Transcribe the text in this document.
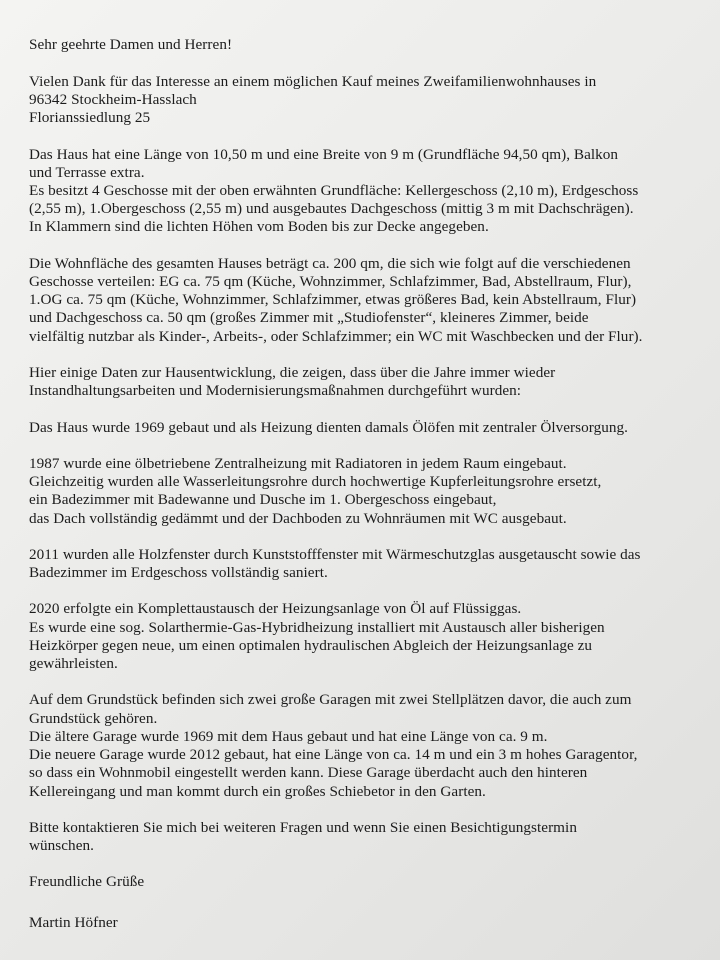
Sehr geehrte Damen und Herren!
Vielen Dank für das Interesse an einem möglichen Kauf meines Zweifamilienwohnhauses in
96342 Stockheim-Hasslach
Florianssiedlung 25
Das Haus hat eine Länge von 10,50 m und eine Breite von 9 m (Grundfläche 94,50 qm), Balkon
und Terrasse extra.
Es besitzt 4 Geschosse mit der oben erwähnten Grundfläche: Kellergeschoss (2,10 m), Erdgeschoss
(2,55 m), 1.Obergeschoss (2,55 m) und ausgebautes Dachgeschoss (mittig 3 m mit Dachschrägen).
In Klammern sind die lichten Höhen vom Boden bis zur Decke angegeben.
Die Wohnfläche des gesamten Hauses beträgt ca. 200 qm, die sich wie folgt auf die verschiedenen
Geschosse verteilen: EG ca. 75 qm (Küche, Wohnzimmer, Schlafzimmer, Bad, Abstellraum, Flur),
1.OG ca. 75 qm (Küche, Wohnzimmer, Schlafzimmer, etwas größeres Bad, kein Abstellraum, Flur)
und Dachgeschoss ca. 50 qm (großes Zimmer mit „Studiofenster“, kleineres Zimmer, beide
vielfältig nutzbar als Kinder-, Arbeits-, oder Schlafzimmer; ein WC mit Waschbecken und der Flur).
Hier einige Daten zur Hausentwicklung, die zeigen, dass über die Jahre immer wieder
Instandhaltungsarbeiten und Modernisierungsmaßnahmen durchgeführt wurden:
Das Haus wurde 1969 gebaut und als Heizung dienten damals Ölöfen mit zentraler Ölversorgung.
1987 wurde eine ölbetriebene Zentralheizung mit Radiatoren in jedem Raum eingebaut.
Gleichzeitig wurden alle Wasserleitungsrohre durch hochwertige Kupferleitungsrohre ersetzt,
ein Badezimmer mit Badewanne und Dusche im 1. Obergeschoss eingebaut,
das Dach vollständig gedämmt und der Dachboden zu Wohnräumen mit WC ausgebaut.
2011 wurden alle Holzfenster durch Kunststofffenster mit Wärmeschutzglas ausgetauscht sowie das
Badezimmer im Erdgeschoss vollständig saniert.
2020 erfolgte ein Komplettaustausch der Heizungsanlage von Öl auf Flüssiggas.
Es wurde eine sog. Solarthermie-Gas-Hybridheizung installiert mit Austausch aller bisherigen
Heizkörper gegen neue, um einen optimalen hydraulischen Abgleich der Heizungsanlage zu
gewährleisten.
Auf dem Grundstück befinden sich zwei große Garagen mit zwei Stellplätzen davor, die auch zum
Grundstück gehören.
Die ältere Garage wurde 1969 mit dem Haus gebaut und hat eine Länge von ca. 9 m.
Die neuere Garage wurde 2012 gebaut, hat eine Länge von ca. 14 m und ein 3 m hohes Garagentor,
so dass ein Wohnmobil eingestellt werden kann. Diese Garage überdacht auch den hinteren
Kellereingang und man kommt durch ein großes Schiebetor in den Garten.
Bitte kontaktieren Sie mich bei weiteren Fragen und wenn Sie einen Besichtigungstermin
wünschen.
Freundliche Grüße
Martin Höfner
